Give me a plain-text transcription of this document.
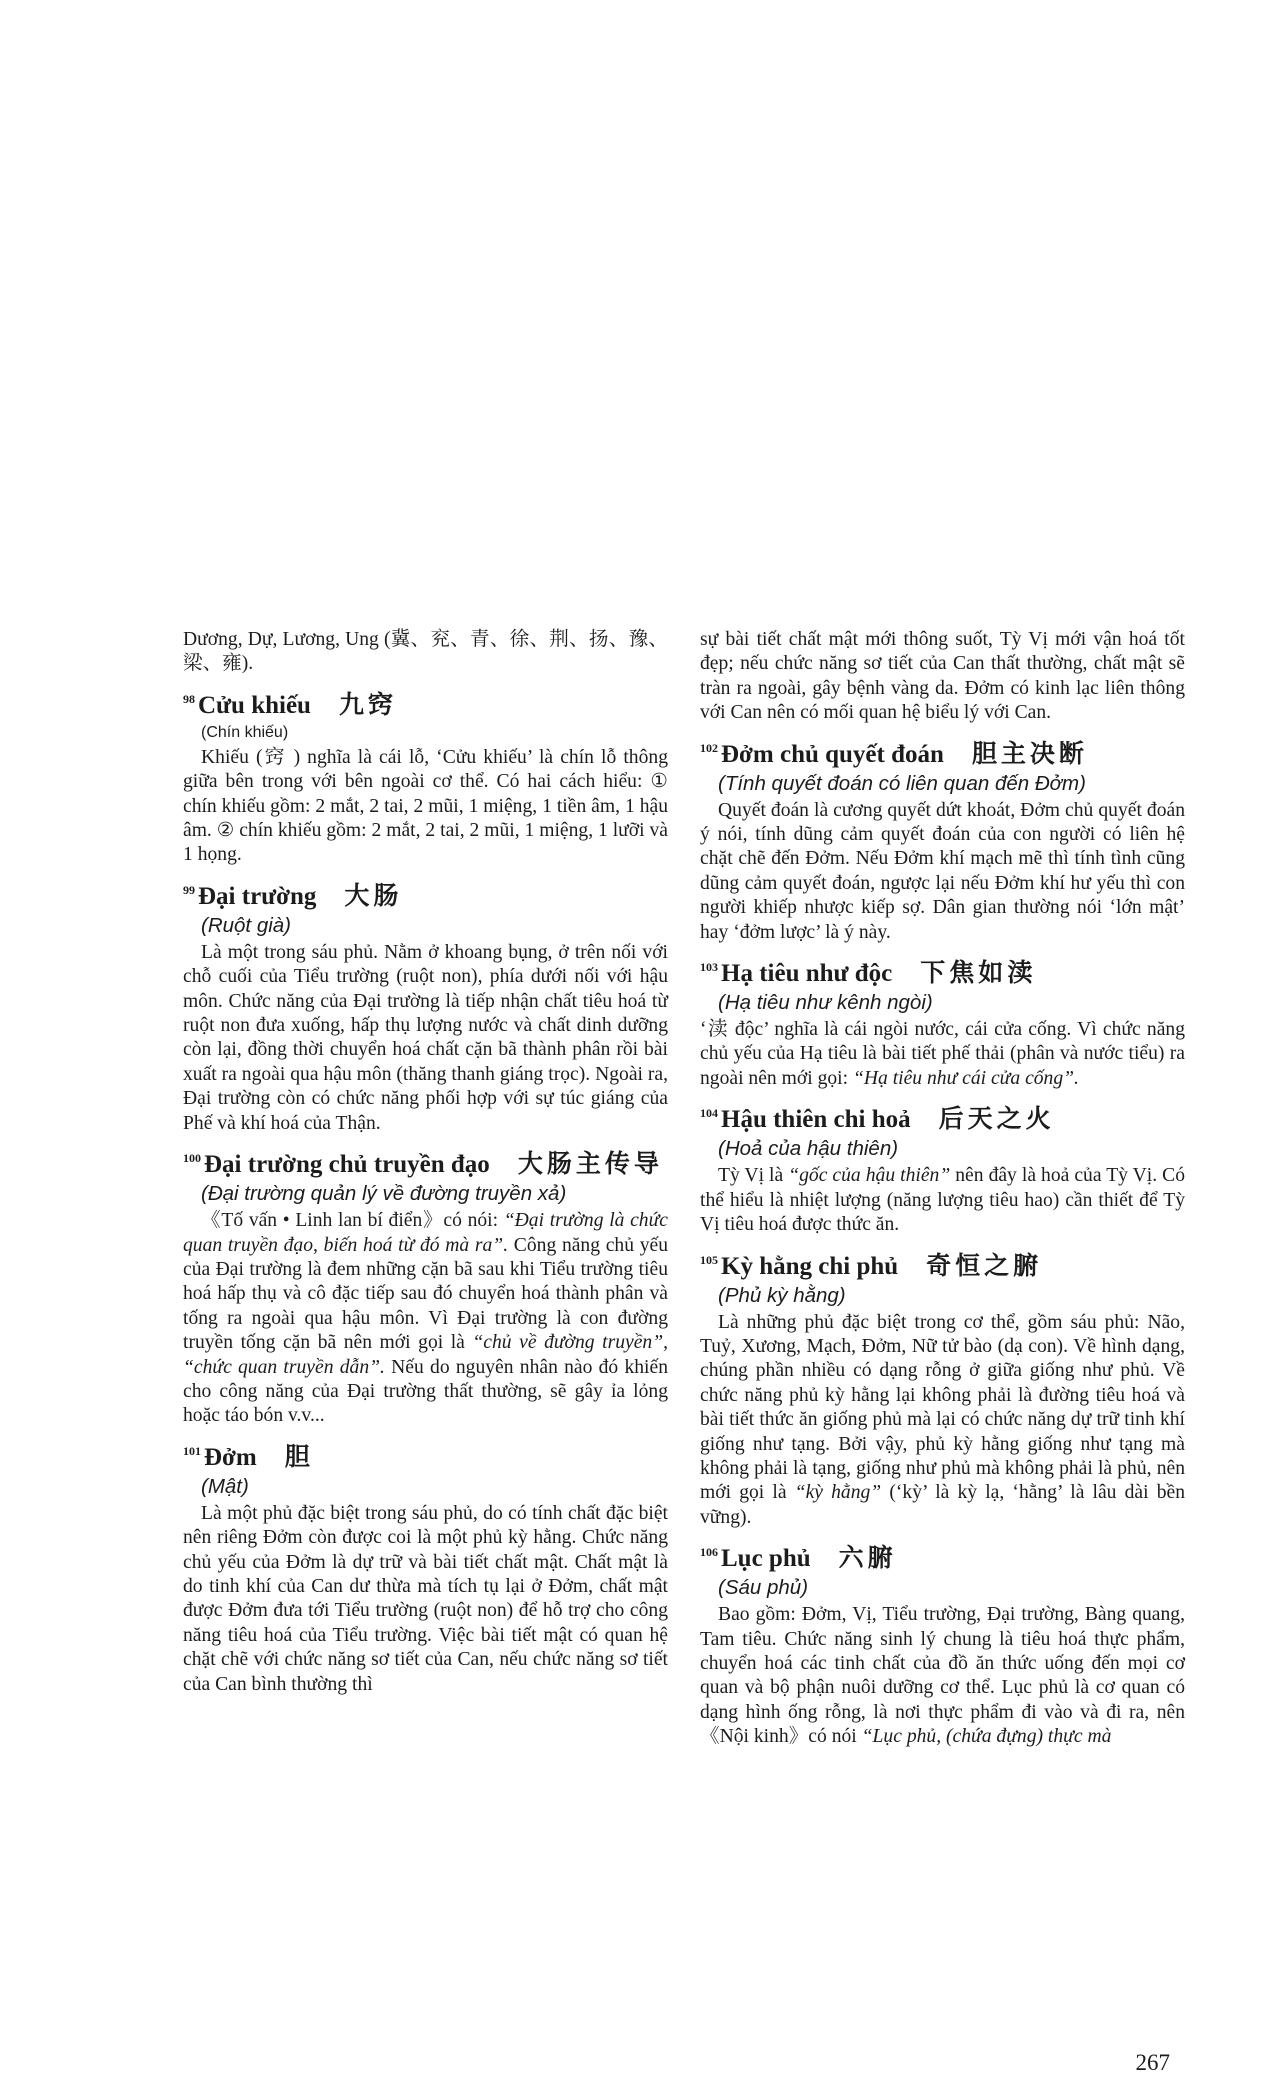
Dương, Dự, Lương, Ung (冀、兖、青、徐、荆、扬、豫、梁、雍).

$^{98}$ Cửu khiếu 九窍
(Chín khiếu)

Khiếu (窍 ) nghĩa là cái lỗ, ‘Cửu khiếu’ là chín lỗ thông giữa bên trong với bên ngoài cơ thể. Có hai cách hiểu: ① chín khiếu gồm: 2 mắt, 2 tai, 2 mũi, 1 miệng, 1 tiền âm, 1 hậu âm. ② chín khiếu gồm: 2 mắt, 2 tai, 2 mũi, 1 miệng, 1 lưỡi và 1 họng.

$^{99}$ Đại trường 大肠
(Ruột già)

Là một trong sáu phủ. Nằm ở khoang bụng, ở trên nối với chỗ cuối của Tiểu trường (ruột non), phía dưới nối với hậu môn. Chức năng của Đại trường là tiếp nhận chất tiêu hoá từ ruột non đưa xuống, hấp thụ lượng nước và chất dinh dưỡng còn lại, đồng thời chuyển hoá chất cặn bã thành phân rồi bài xuất ra ngoài qua hậu môn (thăng thanh giáng trọc). Ngoài ra, Đại trường còn có chức năng phối hợp với sự túc giáng của Phế và khí hoá của Thận.

$^{100}$ Đại trường chủ truyền đạo 大肠主传导
(Đại trường quản lý về đường truyền xả)

《Tố vấn • Linh lan bí điển》có nói: “Đại trường là chức quan truyền đạo, biến hoá từ đó mà ra”. Công năng chủ yếu của Đại trường là đem những cặn bã sau khi Tiểu trường tiêu hoá hấp thụ và cô đặc tiếp sau đó chuyển hoá thành phân và tống ra ngoài qua hậu môn. Vì Đại trường là con đường truyền tống cặn bã nên mới gọi là “chủ về đường truyền”, “chức quan truyền dẫn”. Nếu do nguyên nhân nào đó khiến cho công năng của Đại trường thất thường, sẽ gây ỉa lỏng hoặc táo bón v.v...

$^{101}$ Đởm 胆
(Mật)

Là một phủ đặc biệt trong sáu phủ, do có tính chất đặc biệt nên riêng Đởm còn được coi là một phủ kỳ hằng. Chức năng chủ yếu của Đởm là dự trữ và bài tiết chất mật. Chất mật là do tinh khí của Can dư thừa mà tích tụ lại ở Đởm, chất mật được Đởm đưa tới Tiểu trường (ruột non) để hỗ trợ cho công năng tiêu hoá của Tiểu trường. Việc bài tiết mật có quan hệ chặt chẽ với chức năng sơ tiết của Can, nếu chức năng sơ tiết của Can bình thường thì

sự bài tiết chất mật mới thông suốt, Tỳ Vị mới vận hoá tốt đẹp; nếu chức năng sơ tiết của Can thất thường, chất mật sẽ tràn ra ngoài, gây bệnh vàng da. Đởm có kinh lạc liên thông với Can nên có mối quan hệ biểu lý với Can.

$^{102}$ Đởm chủ quyết đoán 胆主决断
(Tính quyết đoán có liên quan đến Đởm)

Quyết đoán là cương quyết dứt khoát, Đởm chủ quyết đoán ý nói, tính dũng cảm quyết đoán của con người có liên hệ chặt chẽ đến Đởm. Nếu Đởm khí mạch mẽ thì tính tình cũng dũng cảm quyết đoán, ngược lại nếu Đởm khí hư yếu thì con người khiếp nhược kiếp sợ. Dân gian thường nói ‘lớn mật’ hay ‘đởm lược’ là ý này.

$^{103}$ Hạ tiêu như độc 下焦如渎
(Hạ tiêu như kênh ngòi)

‘渎 độc’ nghĩa là cái ngòi nước, cái cửa cống. Vì chức năng chủ yếu của Hạ tiêu là bài tiết phế thải (phân và nước tiểu) ra ngoài nên mới gọi: “Hạ tiêu như cái cửa cống”.

$^{104}$ Hậu thiên chi hoả 后天之火
(Hoả của hậu thiên)

Tỳ Vị là “gốc của hậu thiên” nên đây là hoả của Tỳ Vị. Có thể hiểu là nhiệt lượng (năng lượng tiêu hao) cần thiết để Tỳ Vị tiêu hoá được thức ăn.

$^{105}$ Kỳ hằng chi phủ 奇恒之腑
(Phủ kỳ hằng)

Là những phủ đặc biệt trong cơ thể, gồm sáu phủ: Não, Tuỷ, Xương, Mạch, Đởm, Nữ tử bào (dạ con). Về hình dạng, chúng phần nhiều có dạng rỗng ở giữa giống như phủ. Về chức năng phủ kỳ hằng lại không phải là đường tiêu hoá và bài tiết thức ăn giống phủ mà lại có chức năng dự trữ tinh khí giống như tạng. Bởi vậy, phủ kỳ hằng giống như tạng mà không phải là tạng, giống như phủ mà không phải là phủ, nên mới gọi là “kỳ hằng” (‘kỳ’ là kỳ lạ, ‘hằng’ là lâu dài bền vững).

$^{106}$ Lục phủ 六腑
(Sáu phủ)

Bao gồm: Đởm, Vị, Tiểu trường, Đại trường, Bàng quang, Tam tiêu. Chức năng sinh lý chung là tiêu hoá thực phẩm, chuyển hoá các tinh chất của đồ ăn thức uống đến mọi cơ quan và bộ phận nuôi dưỡng cơ thể. Lục phủ là cơ quan có dạng hình ống rỗng, là nơi thực phẩm đi vào và đi ra, nên《Nội kinh》có nói “Lục phủ, (chứa đựng) thực mà

267
